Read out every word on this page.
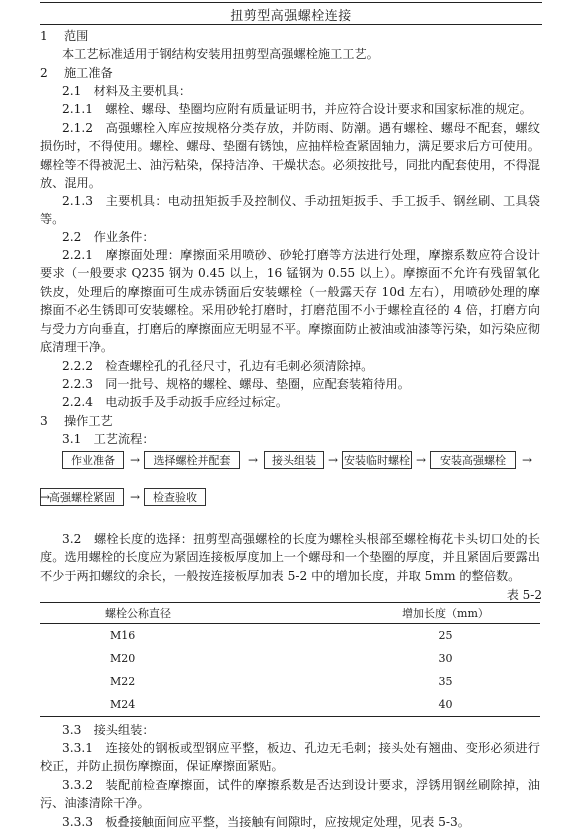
扭剪型高强螺栓连接

1 范围

本工艺标准适用于钢结构安装用扭剪型高强螺栓施工工艺。

2 施工准备

2.1　材料及主要机具：

2.1.1　螺栓、螺母、垫圈均应附有质量证明书，并应符合设计要求和国家标准的规定。

2.1.2　高强螺栓入库应按规格分类存放，并防雨、防潮。遇有螺栓、螺母不配套，螺纹损伤时，不得使用。螺栓、螺母、垫圈有锈蚀，应抽样检查紧固轴力，满足要求后方可使用。螺栓等不得被泥土、油污粘染，保持洁净、干燥状态。必须按批号，同批内配套使用，不得混放、混用。

2.1.3　主要机具：电动扭矩扳手及控制仪、手动扭矩扳手、手工扳手、钢丝刷、工具袋等。

2.2　作业条件：

2.2.1　摩擦面处理：摩擦面采用喷砂、砂轮打磨等方法进行处理，摩擦系数应符合设计要求（一般要求 Q235 钢为 0.45 以上，16 锰钢为 0.55 以上）。摩擦面不允许有残留氧化铁皮，处理后的摩擦面可生成赤锈面后安装螺栓（一般露天存 10d 左右），用喷砂处理的摩擦面不必生锈即可安装螺栓。采用砂轮打磨时，打磨范围不小于螺栓直径的 4 倍，打磨方向与受力方向垂直，打磨后的摩擦面应无明显不平。摩擦面防止被油或油漆等污染，如污染应彻底清理干净。

2.2.2　检查螺栓孔的孔径尺寸，孔边有毛刺必须清除掉。

2.2.3　同一批号、规格的螺栓、螺母、垫圈，应配套装箱待用。

2.2.4　电动扳手及手动扳手应经过标定。

3 操作工艺

3.1　工艺流程：

作业准备	→	选择螺栓并配套	→	接头组装	→ 安装临时螺栓 →	安装高强螺栓	→
→
高强螺栓紧固	→	检查验收

3.2　螺栓长度的选择：扭剪型高强螺栓的长度为螺栓头根部至螺栓梅花卡头切口处的长度。选用螺栓的长度应为紧固连接板厚度加上一个螺母和一个垫圈的厚度，并且紧固后要露出不少于两扣螺纹的余长，一般按连接板厚加表 5-2 中的增加长度，并取 5mm 的整倍数。

表 5-2
螺栓公称直径	增加长度（mm）
M16	25
M20	30
M22	35
M24	40

3.3　接头组装：

3.3.1　连接处的钢板或型钢应平整，板边、孔边无毛刺；接头处有翘曲、变形必须进行校正，并防止损伤摩擦面，保证摩擦面紧贴。

3.3.2　装配前检查摩擦面，试件的摩擦系数是否达到设计要求，浮锈用钢丝刷除掉，油污、油漆清除干净。

3.3.3　板叠接触面间应平整，当接触有间隙时，应按规定处理，见表 5-3。
